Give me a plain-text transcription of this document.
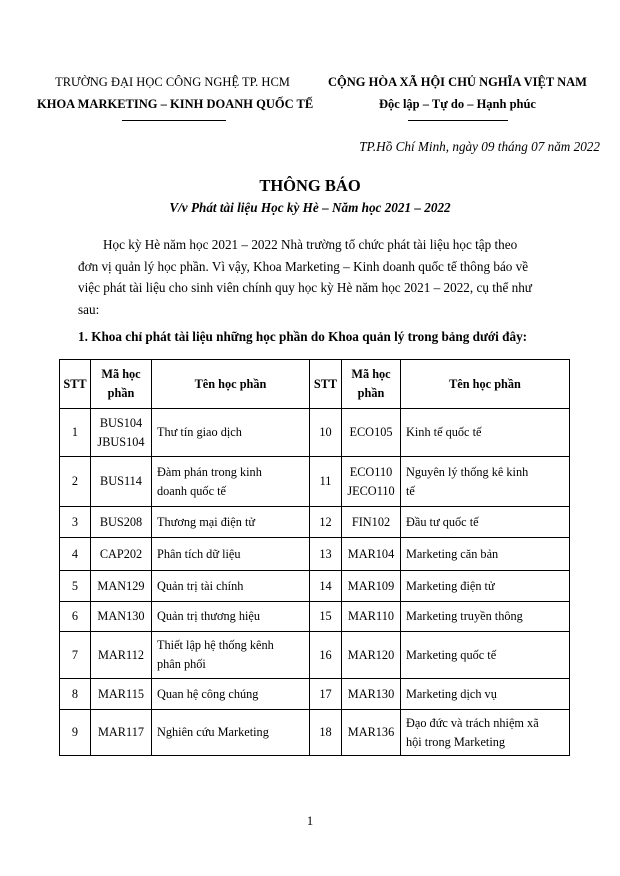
TRƯỜNG ĐẠI HỌC CÔNG NGHỆ TP. HCM
KHOA MARKETING – KINH DOANH QUỐC TẾ
CỘNG HÒA XÃ HỘI CHỦ NGHĨA VIỆT NAM
Độc lập – Tự do – Hạnh phúc
TP.Hồ Chí Minh, ngày 09 tháng 07 năm 2022
THÔNG BÁO
V/v Phát tài liệu Học kỳ Hè – Năm học 2021 – 2022
Học kỳ Hè năm học 2021 – 2022 Nhà trường tổ chức phát tài liệu học tập theo
đơn vị quản lý học phần. Vì vậy, Khoa Marketing – Kinh doanh quốc tế thông báo về
việc phát tài liệu cho sinh viên chính quy học kỳ Hè năm học 2021 – 2022, cụ thể như
sau:
1. Khoa chỉ phát tài liệu những học phần do Khoa quản lý trong bảng dưới đây:
STT	Mã học
phần	Tên học phần	STT	Mã học
phần	Tên học phần
1	BUS104
JBUS104	Thư tín giao dịch	10	ECO105	Kinh tế quốc tế
2	BUS114	Đàm phán trong kinh
doanh quốc tế	11	ECO110
JECO110	Nguyên lý thống kê kinh
tế

3	BUS208	Thương mại điện tử	12	FIN102	Đầu tư quốc tế
4	CAP202	Phân tích dữ liệu	13	MAR104	Marketing căn bản
5	MAN129	Quản trị tài chính	14	MAR109	Marketing điện tử
6	MAN130	Quản trị thương hiệu	15	MAR110	Marketing truyền thông
7	MAR112	Thiết lập hệ thống kênh
phân phối	16	MAR120	Marketing quốc tế
8	MAR115	Quan hệ công chúng	17	MAR130	Marketing dịch vụ
9	MAR117	Nghiên cứu Marketing	18	MAR136	Đạo đức và trách nhiệm xã
hội trong Marketing
1
